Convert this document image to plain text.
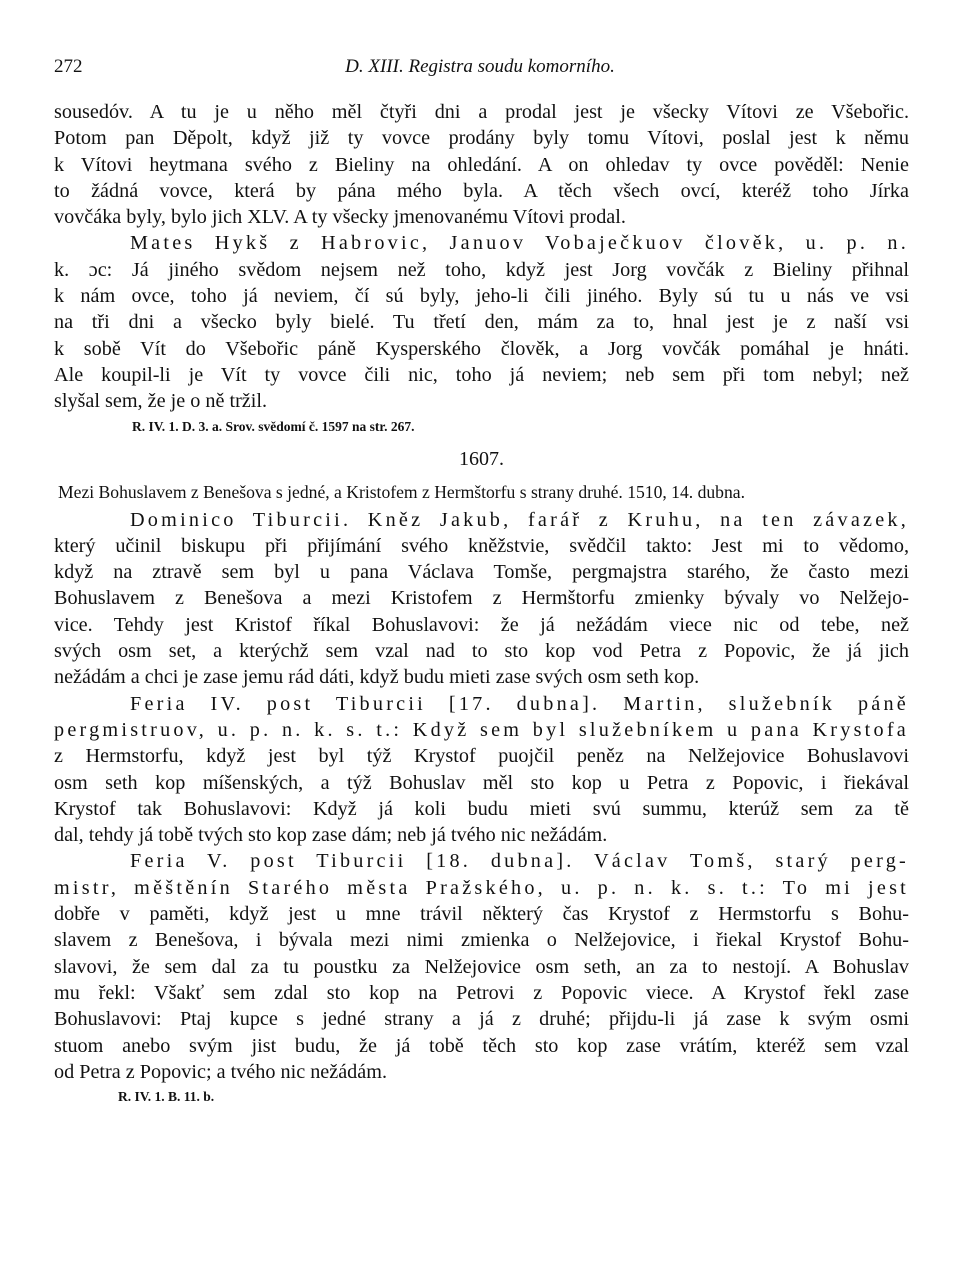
272	D. XIII. Registra soudu komorního.
sousedóv. A tu je u něho měl čtyři dni a prodal jest je všecky Vítovi ze Všebořic.
Potom pan Děpolt, když již ty vovce prodány byly tomu Vítovi, poslal jest k němu
k Vítovi heytmana svého z Bieliny na ohledání. A on ohledav ty ovce pověděl: Nenie
to žádná vovce, která by pána mého byla. A těch všech ovcí, kteréž toho Jírka
vovčáka byly, bylo jich XLV. A ty všecky jmenovanému Vítovi prodal.
Mates Hykš z Habrovic, Januov Vobaječkuov člověk, u. p. n.
k. ɔc: Já jiného svědom nejsem než toho, když jest Jorg vovčák z Bieliny přihnal
k nám ovce, toho já neviem, čí sú byly, jeho-li čili jiného. Byly sú tu u nás ve vsi
na tři dni a všecko byly bielé. Tu třetí den, mám za to, hnal jest je z naší vsi
k sobě Vít do Všebořic páně Kysperského člověk, a Jorg vovčák pomáhal je hnáti.
Ale koupil-li je Vít ty vovce čili nic, toho já neviem; neb sem při tom nebyl; než
slyšal sem, že je o ně tržil.
R. IV. 1. D. 3. a. Srov. svědomí č. 1597 na str. 267.
1607.
Mezi Bohuslavem z Benešova s jedné, a Kristofem z Hermštorfu s strany druhé. 1510, 14. dubna.
Dominico Tiburcii. Kněz Jakub, farář z Kruhu, na ten závazek,
který učinil biskupu při přijímání svého kněžstvie, svědčil takto: Jest mi to vědomo,
když na ztravě sem byl u pana Václava Tomše, pergmajstra starého, že často mezi
Bohuslavem z Benešova a mezi Kristofem z Hermštorfu zmienky bývaly vo Nelžejo-
vice. Tehdy jest Kristof říkal Bohuslavovi: že já nežádám viece nic od tebe, než
svých osm set, a kterýchž sem vzal nad to sto kop vod Petra z Popovic, že já jich
nežádám a chci je zase jemu rád dáti, když budu mieti zase svých osm seth kop.
Feria IV. post Tiburcii [17. dubna]. Martin, služebník páně
pergmistruov, u. p. n. k. s. t.: Když sem byl služebníkem u pana Krystofa
z Hermstorfu, když jest byl týž Krystof puojčil peněz na Nelžejovice Bohuslavovi
osm seth kop míšenských, a týž Bohuslav měl sto kop u Petra z Popovic, i řiekával
Krystof tak Bohuslavovi: Když já koli budu mieti svú summu, kterúž sem za tě
dal, tehdy já tobě tvých sto kop zase dám; neb já tvého nic nežádám.
Feria V. post Tiburcii [18. dubna]. Václav Tomš, starý perg-
mistr, měštěnín Starého města Pražského, u. p. n. k. s. t.: To mi jest
dobře v paměti, když jest u mne trávil některý čas Krystof z Hermstorfu s Bohu-
slavem z Benešova, i bývala mezi nimi zmienka o Nelžejovice, i řiekal Krystof Bohu-
slavovi, že sem dal za tu poustku za Nelžejovice osm seth, an za to nestojí. A Bohuslav
mu řekl: Všakť sem zdal sto kop na Petrovi z Popovic viece. A Krystof řekl zase
Bohuslavovi: Ptaj kupce s jedné strany a já z druhé; přijdu-li já zase k svým osmi
stuom anebo svým jist budu, že já tobě těch sto kop zase vrátím, kteréž sem vzal
od Petra z Popovic; a tvého nic nežádám.
R. IV. 1. B. 11. b.
